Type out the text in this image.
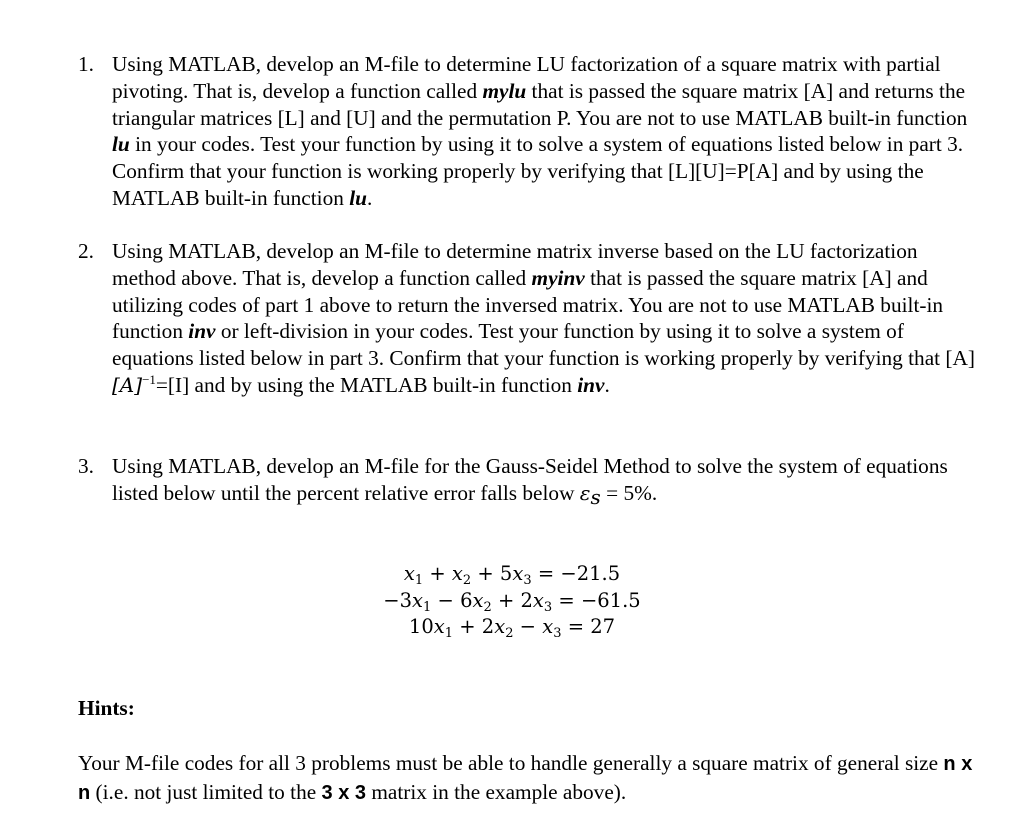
1. Using MATLAB, develop an M-file to determine LU factorization of a square matrix with partial pivoting. That is, develop a function called mylu that is passed the square matrix [A] and returns the triangular matrices [L] and [U] and the permutation P. You are not to use MATLAB built-in function lu in your codes. Test your function by using it to solve a system of equations listed below in part 3. Confirm that your function is working properly by verifying that [L][U]=P[A] and by using the MATLAB built-in function lu.
2. Using MATLAB, develop an M-file to determine matrix inverse based on the LU factorization method above. That is, develop a function called myinv that is passed the square matrix [A] and utilizing codes of part 1 above to return the inversed matrix. You are not to use MATLAB built-in function inv or left-division in your codes. Test your function by using it to solve a system of equations listed below in part 3. Confirm that your function is working properly by verifying that $[A][A]^{-1}=[I]$ and by using the MATLAB built-in function inv.
3. Using MATLAB, develop an M-file for the Gauss-Seidel Method to solve the system of equations listed below until the percent relative error falls below $\varepsilon_s = 5\%$.
$x_1 + x_2 + 5x_3 = -21.5$
$-3x_1 - 6x_2 + 2x_3 = -61.5$
$10x_1 + 2x_2 - x_3 = 27$
Hints:
Your M-file codes for all 3 problems must be able to handle generally a square matrix of general size n x n (i.e. not just limited to the 3 x 3 matrix in the example above).
